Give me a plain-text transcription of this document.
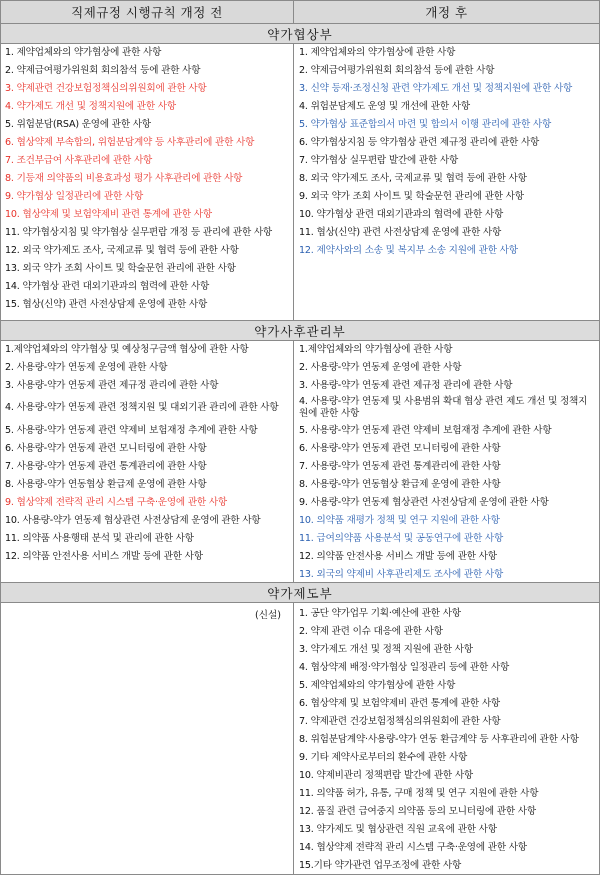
직제규정 시행규칙 개정 전	개정 후
약가협상부
1. 제약업체와의 약가협상에 관한 사항
2. 약제급여평가위원회 회의참석 등에 관한 사항
3. 약제관련 건강보험정책심의위원회에 관한 사항
4. 약가제도 개선 및 정책지원에 관한 사항
5. 위험분담(RSA) 운영에 관한 사항
6. 협상약제 부속합의, 위험분담계약 등 사후관리에 관한 사항
7. 조건부급여 사후관리에 관한 사항
8. 기등재 의약품의 비용효과성 평가 사후관리에 관한 사항
9. 약가협상 일정관리에 관한 사항
10. 협상약제 및 보험약제비 관련 통계에 관한 사항
11. 약가협상지침 및 약가협상 실무편람 개정 등 관리에 관한 사항
12. 외국 약가제도 조사, 국제교류 및 협력 등에 관한 사항
13. 외국 약가 조회 사이트 및 학술문헌 관리에 관한 사항
14. 약가협상 관련 대외기관과의 협력에 관한 사항
15. 협상(신약) 관련 사전상담제 운영에 관한 사항
1. 제약업체와의 약가협상에 관한 사항
2. 약제급여평가위원회 회의참석 등에 관한 사항
3. 신약 등재·조정신청 관련 약가제도 개선 및 정책지원에 관한 사항
4. 위험분담제도 운영 및 개선에 관한 사항
5. 약가협상 표준합의서 마련 및 합의서 이행 관리에 관한 사항
6. 약가협상지침 등 약가협상 관련 제규정 관리에 관한 사항
7. 약가협상 실무편람 발간에 관한 사항
8. 외국 약가제도 조사, 국제교류 및 협력 등에 관한 사항
9. 외국 약가 조회 사이트 및 학술문헌 관리에 관한 사항
10. 약가협상 관련 대외기관과의 협력에 관한 사항
11. 협상(신약) 관련 사전상담제 운영에 관한 사항
12. 제약사와의 소송 및 복지부 소송 지원에 관한 사항
약가사후관리부
1.제약업체와의 약가협상 및 예상청구금액 협상에 관한 사항
2. 사용량-약가 연동제 운영에 관한 사항
3. 사용량-약가 연동제 관련 제규정 관리에 관한 사항
4. 사용량-약가 연동제 관련 정책지원 및 대외기관 관리에 관한 사항
5. 사용량-약가 연동제 관련 약제비 보험재정 추계에 관한 사항
6. 사용량-약가 연동제 관련 모니터링에 관한 사항
7. 사용량-약가 연동제 관련 통계관리에 관한 사항
8. 사용량-약가 연동협상 환급제 운영에 관한 사항
9. 협상약제 전략적 관리 시스템 구축·운영에 관한 사항
10. 사용량-약가 연동제 협상관련 사전상담제 운영에 관한 사항
11. 의약품 사용행태 분석 및 관리에 관한 사항
12. 의약품 안전사용 서비스 개발 등에 관한 사항
1.제약업체와의 약가협상에 관한 사항
2. 사용량-약가 연동제 운영에 관한 사항
3. 사용량-약가 연동제 관련 제규정 관리에 관한 사항
4. 사용량-약가 연동제 및 사용범위 확대 협상 관련 제도 개선 및 정책지원에 관한 사항
5. 사용량-약가 연동제 관련 약제비 보험재정 추계에 관한 사항
6. 사용량-약가 연동제 관련 모니터링에 관한 사항
7. 사용량-약가 연동제 관련 통계관리에 관한 사항
8. 사용량-약가 연동협상 환급제 운영에 관한 사항
9. 사용량-약가 연동제 협상관련 사전상담제 운영에 관한 사항
10. 의약품 재평가 정책 및 연구 지원에 관한 사항
11. 급여의약품 사용분석 및 공동연구에 관한 사항
12. 의약품 안전사용 서비스 개발 등에 관한 사항
13. 외국의 약제비 사후관리제도 조사에 관한 사항
약가제도부
(신설) 1. 공단 약가업무 기획·예산에 관한 사항
2. 약제 관련 이슈 대응에 관한 사항
3. 약가제도 개선 및 정책 지원에 관한 사항
4. 협상약제 배정·약가협상 일정관리 등에 관한 사항
5. 제약업체와의 약가협상에 관한 사항
6. 협상약제 및 보험약제비 관련 통계에 관한 사항
7. 약제관련 건강보험정책심의위원회에 관한 사항
8. 위험분담계약·사용량-약가 연동 환급계약 등 사후관리에 관한 사항
9. 기타 제약사로부터의 환수에 관한 사항
10. 약제비관리 정책편람 발간에 관한 사항
11. 의약품 허가, 유통, 구매 정책 및 연구 지원에 관한 사항
12. 품질 관련 급여중지 의약품 등의 모니터링에 관한 사항
13. 약가제도 및 협상관련 직원 교육에 관한 사항
14. 협상약제 전략적 관리 시스템 구축·운영에 관한 사항
15.기타 약가관련 업무조정에 관한 사항
